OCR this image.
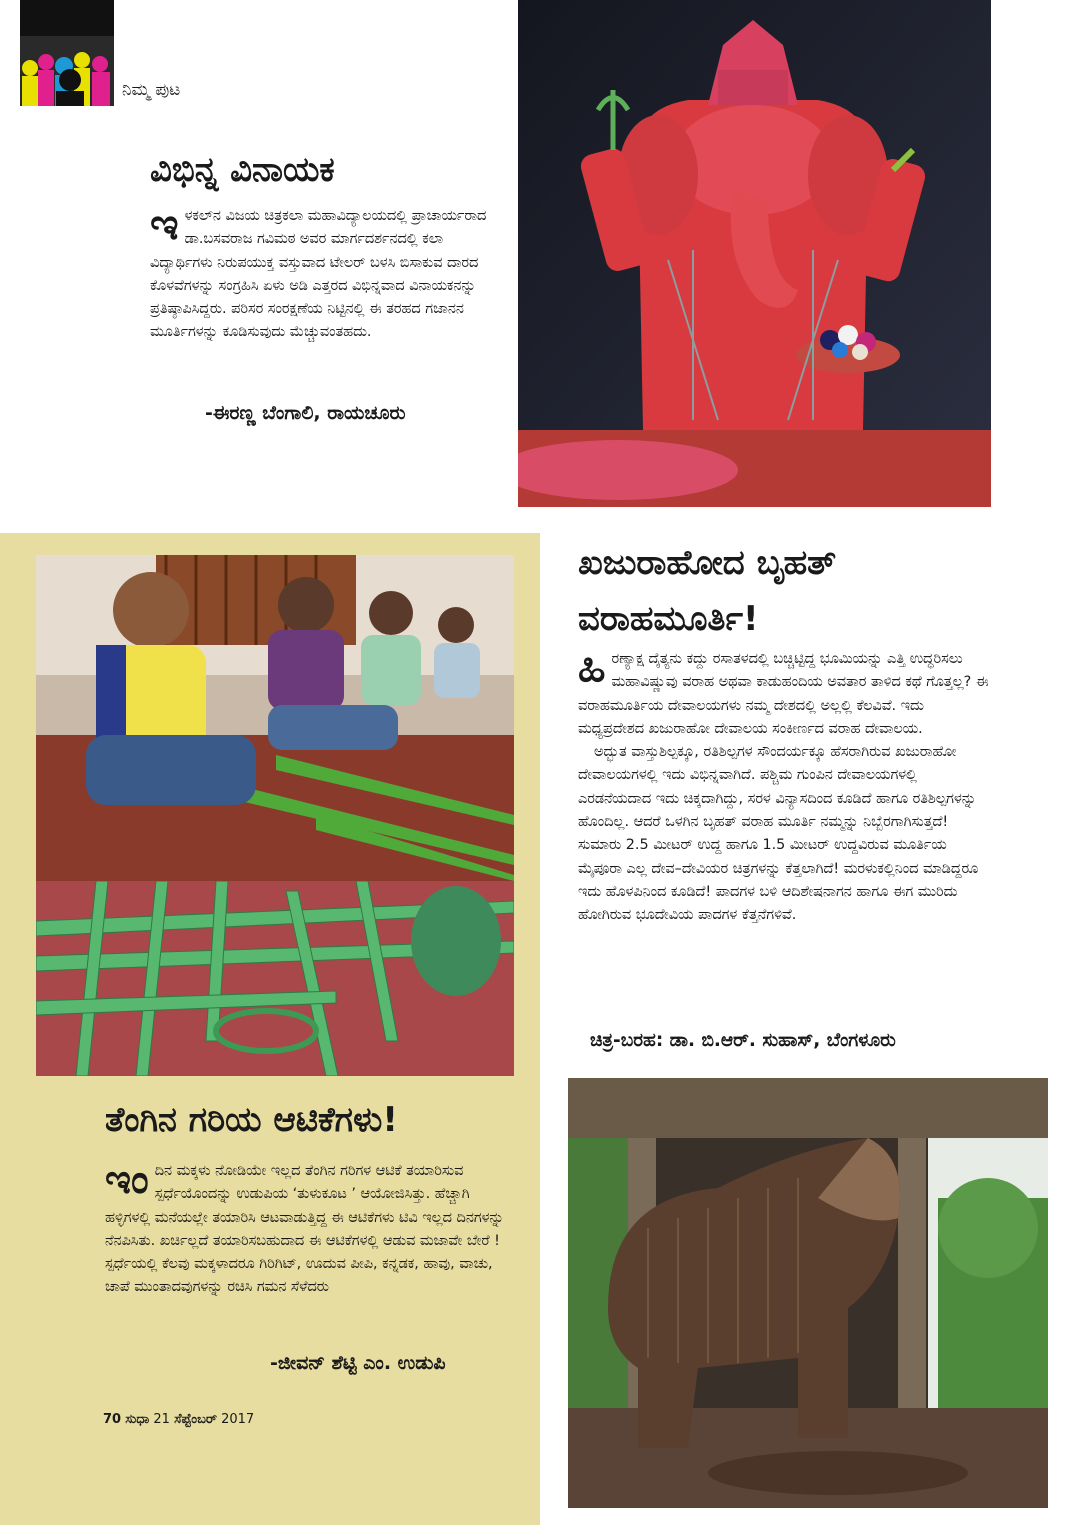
ನಿಮ್ಮ ಪುಟ
ವಿಭಿನ್ನ ವಿನಾಯಕ
ಇಳಕಲ್‌ನ ವಿಜಯ ಚಿತ್ರಕಲಾ ಮಹಾವಿದ್ಯಾಲಯದಲ್ಲಿ ಪ್ರಾಚಾರ್ಯರಾದ ಡಾ.ಬಸವರಾಜ ಗವಿಮಠ ಅವರ ಮಾರ್ಗದರ್ಶನದಲ್ಲಿ ಕಲಾ ವಿದ್ಯಾರ್ಥಿಗಳು ನಿರುಪಯುಕ್ತ ವಸ್ತುವಾದ ಟೇಲರ್ ಬಳಸಿ ಬಿಸಾಕುವ ದಾರದ ಕೊಳವೆಗಳನ್ನು ಸಂಗ್ರಹಿಸಿ ಏಳು ಅಡಿ ಎತ್ತರದ ವಿಭಿನ್ನವಾದ ವಿನಾಯಕನನ್ನು ಪ್ರತಿಷ್ಠಾಪಿಸಿದ್ದರು. ಪರಿಸರ ಸಂರಕ್ಷಣೆಯ ನಿಟ್ಟಿನಲ್ಲಿ ಈ ತರಹದ ಗಜಾನನ ಮೂರ್ತಿಗಳನ್ನು ಕೂಡಿಸುವುದು ಮೆಚ್ಚುವಂತಹದು.
-ಈರಣ್ಣ ಬೆಂಗಾಲಿ, ರಾಯಚೂರು
ತೆಂಗಿನ ಗರಿಯ ಆಟಿಕೆಗಳು!
ಇಂದಿನ ಮಕ್ಕಳು ನೋಡಿಯೇ ಇಲ್ಲದ ತೆಂಗಿನ ಗರಿಗಳ ಆಟಿಕೆ ತಯಾರಿಸುವ ಸ್ಪರ್ಧೆಯೊಂದನ್ನು ಉಡುಪಿಯ ‘ತುಳುಕೂಟ ’ ಆಯೋಜಿಸಿತ್ತು. ಹೆಚ್ಚಾಗಿ ಹಳ್ಳಿಗಳಲ್ಲಿ ಮನೆಯಲ್ಲೇ ತಯಾರಿಸಿ ಆಟವಾಡುತ್ತಿದ್ದ ಈ ಆಟಿಕೆಗಳು ಟಿವಿ ಇಲ್ಲದ ದಿನಗಳನ್ನು ನೆನಪಿಸಿತು. ಖರ್ಚಿಲ್ಲದೆ ತಯಾರಿಸಬಹುದಾದ ಈ ಆಟಿಕೆಗಳಲ್ಲಿ ಆಡುವ ಮಜಾವೇ ಬೇರೆ ! ಸ್ಪರ್ಧೆಯಲ್ಲಿ ಕೆಲವು ಮಕ್ಕಳಾದರೂ ಗಿರಿಗಿಟ್, ಊದುವ ಪೀಪಿ, ಕನ್ನಡಕ, ಹಾವು, ವಾಚು, ಚಾಪೆ ಮುಂತಾದವುಗಳನ್ನು ರಚಿಸಿ ಗಮನ ಸೆಳೆದರು
-ಜೀವನ್ ಶೆಟ್ಟಿ ಎಂ. ಉಡುಪಿ
70 ಸುಧಾ 21 ಸೆಪ್ಟೆಂಬರ್ 2017
ಖಜುರಾಹೋದ ಬೃಹತ್
ವರಾಹಮೂರ್ತಿ!
ಹಿರಣ್ಯಾಕ್ಷ ದೈತ್ಯನು ಕದ್ದು ರಸಾತಳದಲ್ಲಿ ಬಚ್ಚಿಟ್ಟಿದ್ದ ಭೂಮಿಯನ್ನು ಎತ್ತಿ ಉದ್ಧರಿಸಲು ಮಹಾವಿಷ್ಣುವು ವರಾಹ ಅಥವಾ ಕಾಡುಹಂದಿಯ ಅವತಾರ ತಾಳಿದ ಕಥೆ ಗೊತ್ತಲ್ಲ? ಈ ವರಾಹಮೂರ್ತಿಯ ದೇವಾಲಯಗಳು ನಮ್ಮ ದೇಶದಲ್ಲಿ ಅಲ್ಲಲ್ಲಿ ಕೆಲವಿವೆ. ಇದು ಮಧ್ಯಪ್ರದೇಶದ ಖಜುರಾಹೋ ದೇವಾಲಯ ಸಂಕೀರ್ಣದ ವರಾಹ ದೇವಾಲಯ.
ಅದ್ಭುತ ವಾಸ್ತುಶಿಲ್ಪಕ್ಕೂ, ರತಿಶಿಲ್ಪಗಳ ಸೌಂದರ್ಯಕ್ಕೂ ಹೆಸರಾಗಿರುವ ಖಜುರಾಹೋ ದೇವಾಲಯಗಳಲ್ಲಿ ಇದು ವಿಭಿನ್ನವಾಗಿದೆ. ಪಶ್ಚಿಮ ಗುಂಪಿನ ದೇವಾಲಯಗಳಲ್ಲಿ ಎರಡನೆಯದಾದ ಇದು ಚಿಕ್ಕದಾಗಿದ್ದು, ಸರಳ ವಿನ್ಯಾಸದಿಂದ ಕೂಡಿದೆ ಹಾಗೂ ರತಿಶಿಲ್ಪಗಳನ್ನು ಹೊಂದಿಲ್ಲ. ಆದರೆ ಒಳಗಿನ ಬೃಹತ್ ವರಾಹ ಮೂರ್ತಿ ನಮ್ಮನ್ನು ನಿಬ್ಬೆರಗಾಗಿಸುತ್ತದೆ! ಸುಮಾರು 2.5 ಮೀಟರ್ ಉದ್ದ ಹಾಗೂ 1.5 ಮೀಟರ್ ಉದ್ದವಿರುವ ಮೂರ್ತಿಯ ಮೈಪೂರಾ ಎಲ್ಲ ದೇವ–ದೇವಿಯರ ಚಿತ್ರಗಳನ್ನು ಕೆತ್ತಲಾಗಿದೆ! ಮರಳುಕಲ್ಲಿನಿಂದ ಮಾಡಿದ್ದರೂ ಇದು ಹೊಳಪಿನಿಂದ ಕೂಡಿದೆ! ಪಾದಗಳ ಬಳಿ ಆದಿಶೇಷನಾಗನ ಹಾಗೂ ಈಗ ಮುರಿದು ಹೋಗಿರುವ ಭೂದೇವಿಯ ಪಾದಗಳ ಕೆತ್ತನೆಗಳಿವೆ.
ಚಿತ್ರ-ಬರಹ: ಡಾ. ಬಿ.ಆರ್. ಸುಹಾಸ್, ಬೆಂಗಳೂರು
